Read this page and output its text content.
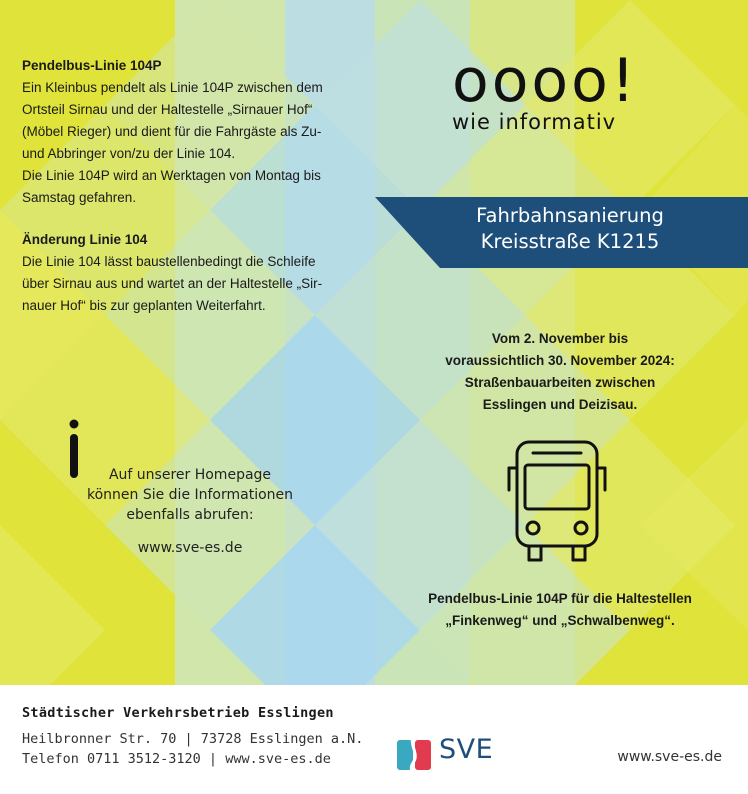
Pendelbus-Linie 104P
Ein Kleinbus pendelt als Linie 104P zwischen dem
Ortsteil Sirnau und der Haltestelle „Sirnauer Hof“
(Möbel Rieger) und dient für die Fahrgäste als Zu-
und Abbringer von/zu der Linie 104.
Die Linie 104P wird an Werktagen von Montag bis
Samstag gefahren.
Änderung Linie 104
Die Linie 104 lässt baustellenbedingt die Schleife
über Sirnau aus und wartet an der Haltestelle „Sir-
nauer Hof“ bis zur geplanten Weiterfahrt.
oooo!
wie informativ
Fahrbahnsanierung
Kreisstraße K1215
Vom 2. November bis
voraussichtlich 30. November 2024:
Straßenbauarbeiten zwischen
Esslingen und Deizisau.
Auf unserer Homepage
können Sie die Informationen
ebenfalls abrufen:
www.sve-es.de
Pendelbus-Linie 104P für die Haltestellen
„Finkenweg“ und „Schwalbenweg“.
Städtischer Verkehrsbetrieb Esslingen
Heilbronner Str. 70 | 73728 Esslingen a.N.
Telefon 0711 3512-3120 | www.sve-es.de	SVE	www.sve-es.de
